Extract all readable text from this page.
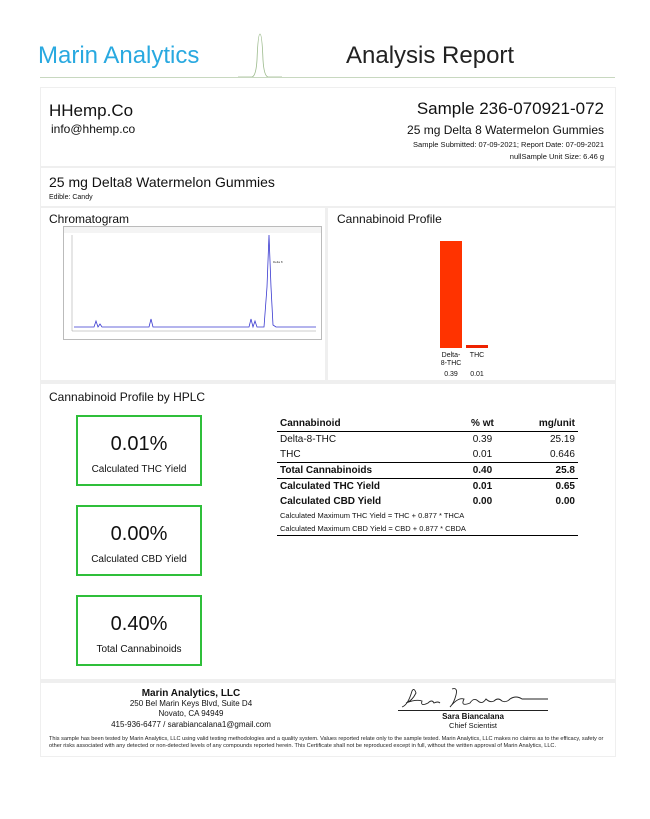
Marin Analytics	Analysis Report
HHemp.Co
info@hhemp.co
Sample 236-070921-072
25 mg Delta 8 Watermelon Gummies
Sample Submitted: 07-09-2021; Report Date: 07-09-2021
nullSample Unit Size: 6.46 g
25 mg Delta8 Watermelon Gummies
Edible: Candy
Chromatogram
Delta 8
Cannabinoid Profile
Delta-
8-THC
0.39
THC
0.01
Cannabinoid Profile by HPLC
0.01%
Calculated THC Yield
0.00%
Calculated CBD Yield
0.40%
Total Cannabinoids
Cannabinoid	% wt	mg/unit
Delta-8-THC	0.39	25.19
THC	0.01	0.646
Total Cannabinoids	0.40	25.8
Calculated THC Yield	0.01	0.65
Calculated CBD Yield	0.00	0.00
Calculated Maximum THC Yield = THC + 0.877 * THCA		
Calculated Maximum CBD Yield = CBD + 0.877 * CBDA		
Marin Analytics, LLC
250 Bel Marin Keys Blvd, Suite D4
Novato, CA 94949
415-936-6477 / sarabiancalana1@gmail.com
Sara Biancalana
Chief Scientist
This sample has been tested by Marin Analytics, LLC using valid testing methodologies and a quality system. Values reported relate only to the sample tested. Marin Analytics, LLC makes no claims as to the efficacy, safety or other risks associated with any detected or non-detected levels of any compounds reported herein. This Certificate shall not be reproduced except in full, without the written approval of Marin Analytics, LLC.
